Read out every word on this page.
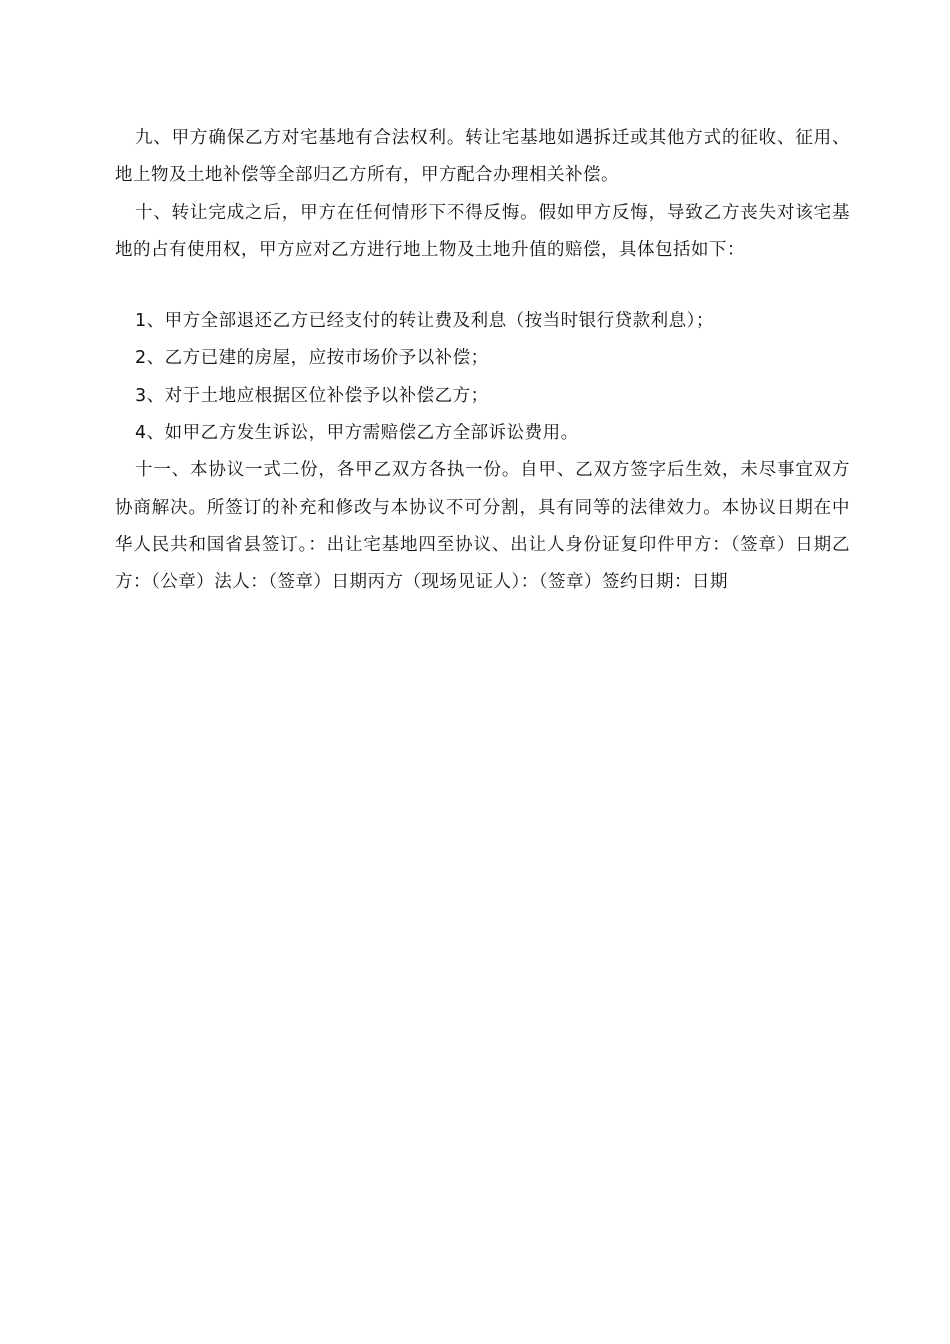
九、甲方确保乙方对宅基地有合法权利。转让宅基地如遇拆迁或其他方式的征收、征用、地上物及土地补偿等全部归乙方所有，甲方配合办理相关补偿。

十、转让完成之后，甲方在任何情形下不得反悔。假如甲方反悔，导致乙方丧失对该宅基地的占有使用权，甲方应对乙方进行地上物及土地升值的赔偿，具体包括如下：

1、甲方全部退还乙方已经支付的转让费及利息（按当时银行贷款利息）；
2、乙方已建的房屋，应按市场价予以补偿；
3、对于土地应根据区位补偿予以补偿乙方；
4、如甲乙方发生诉讼，甲方需赔偿乙方全部诉讼费用。

十一、本协议一式二份，各甲乙双方各执一份。自甲、乙双方签字后生效，未尽事宜双方协商解决。所签订的补充和修改与本协议不可分割，具有同等的法律效力。本协议日期在中华人民共和国省县签订。：出让宅基地四至协议、出让人身份证复印件甲方：（签章）日期乙方：（公章）法人：（签章）日期丙方（现场见证人）：（签章）签约日期：日期
